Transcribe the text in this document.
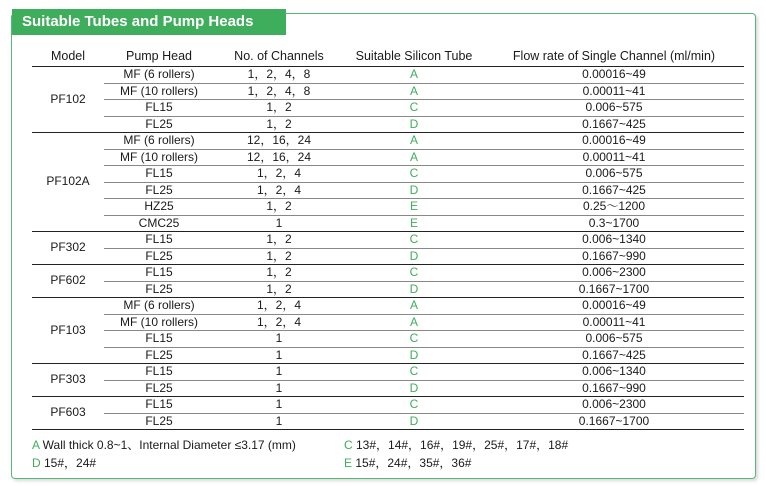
Suitable Tubes and Pump Heads
Model	Pump Head	No. of Channels	Suitable Silicon Tube	Flow rate of Single Channel (ml/min)
PF102	MF (6 rollers)	1，2，4，8	A	0.00016~49
	MF (10 rollers)	1，2，4，8	A	0.00011~41
	FL15	1，2	C	0.006~575
	FL25	1，2	D	0.1667~425
PF102A	MF (6 rollers)	12，16，24	A	0.00016~49
	MF (10 rollers)	12，16，24	A	0.00011~41
	FL15	1，2，4	C	0.006~575
	FL25	1，2，4	D	0.1667~425
	HZ25	1，2	E	0.25～1200
	CMC25	1	E	0.3~1700
PF302	FL15	1，2	C	0.006~1340
	FL25	1，2	D	0.1667~990
PF602	FL15	1，2	C	0.006~2300
	FL25	1，2	D	0.1667~1700
PF103	MF (6 rollers)	1，2，4	A	0.00016~49
	MF (10 rollers)	1，2，4	A	0.00011~41
	FL15	1	C	0.006~575
	FL25	1	D	0.1667~425
PF303	FL15	1	C	0.006~1340
	FL25	1	D	0.1667~990
PF603	FL15	1	C	0.006~2300
	FL25	1	D	0.1667~1700
A Wall thick 0.8~1、Internal Diameter ≤3.17 (mm)	C 13#，14#，16#，19#，25#，17#，18#
D 15#，24#	E 15#，24#，35#，36#
